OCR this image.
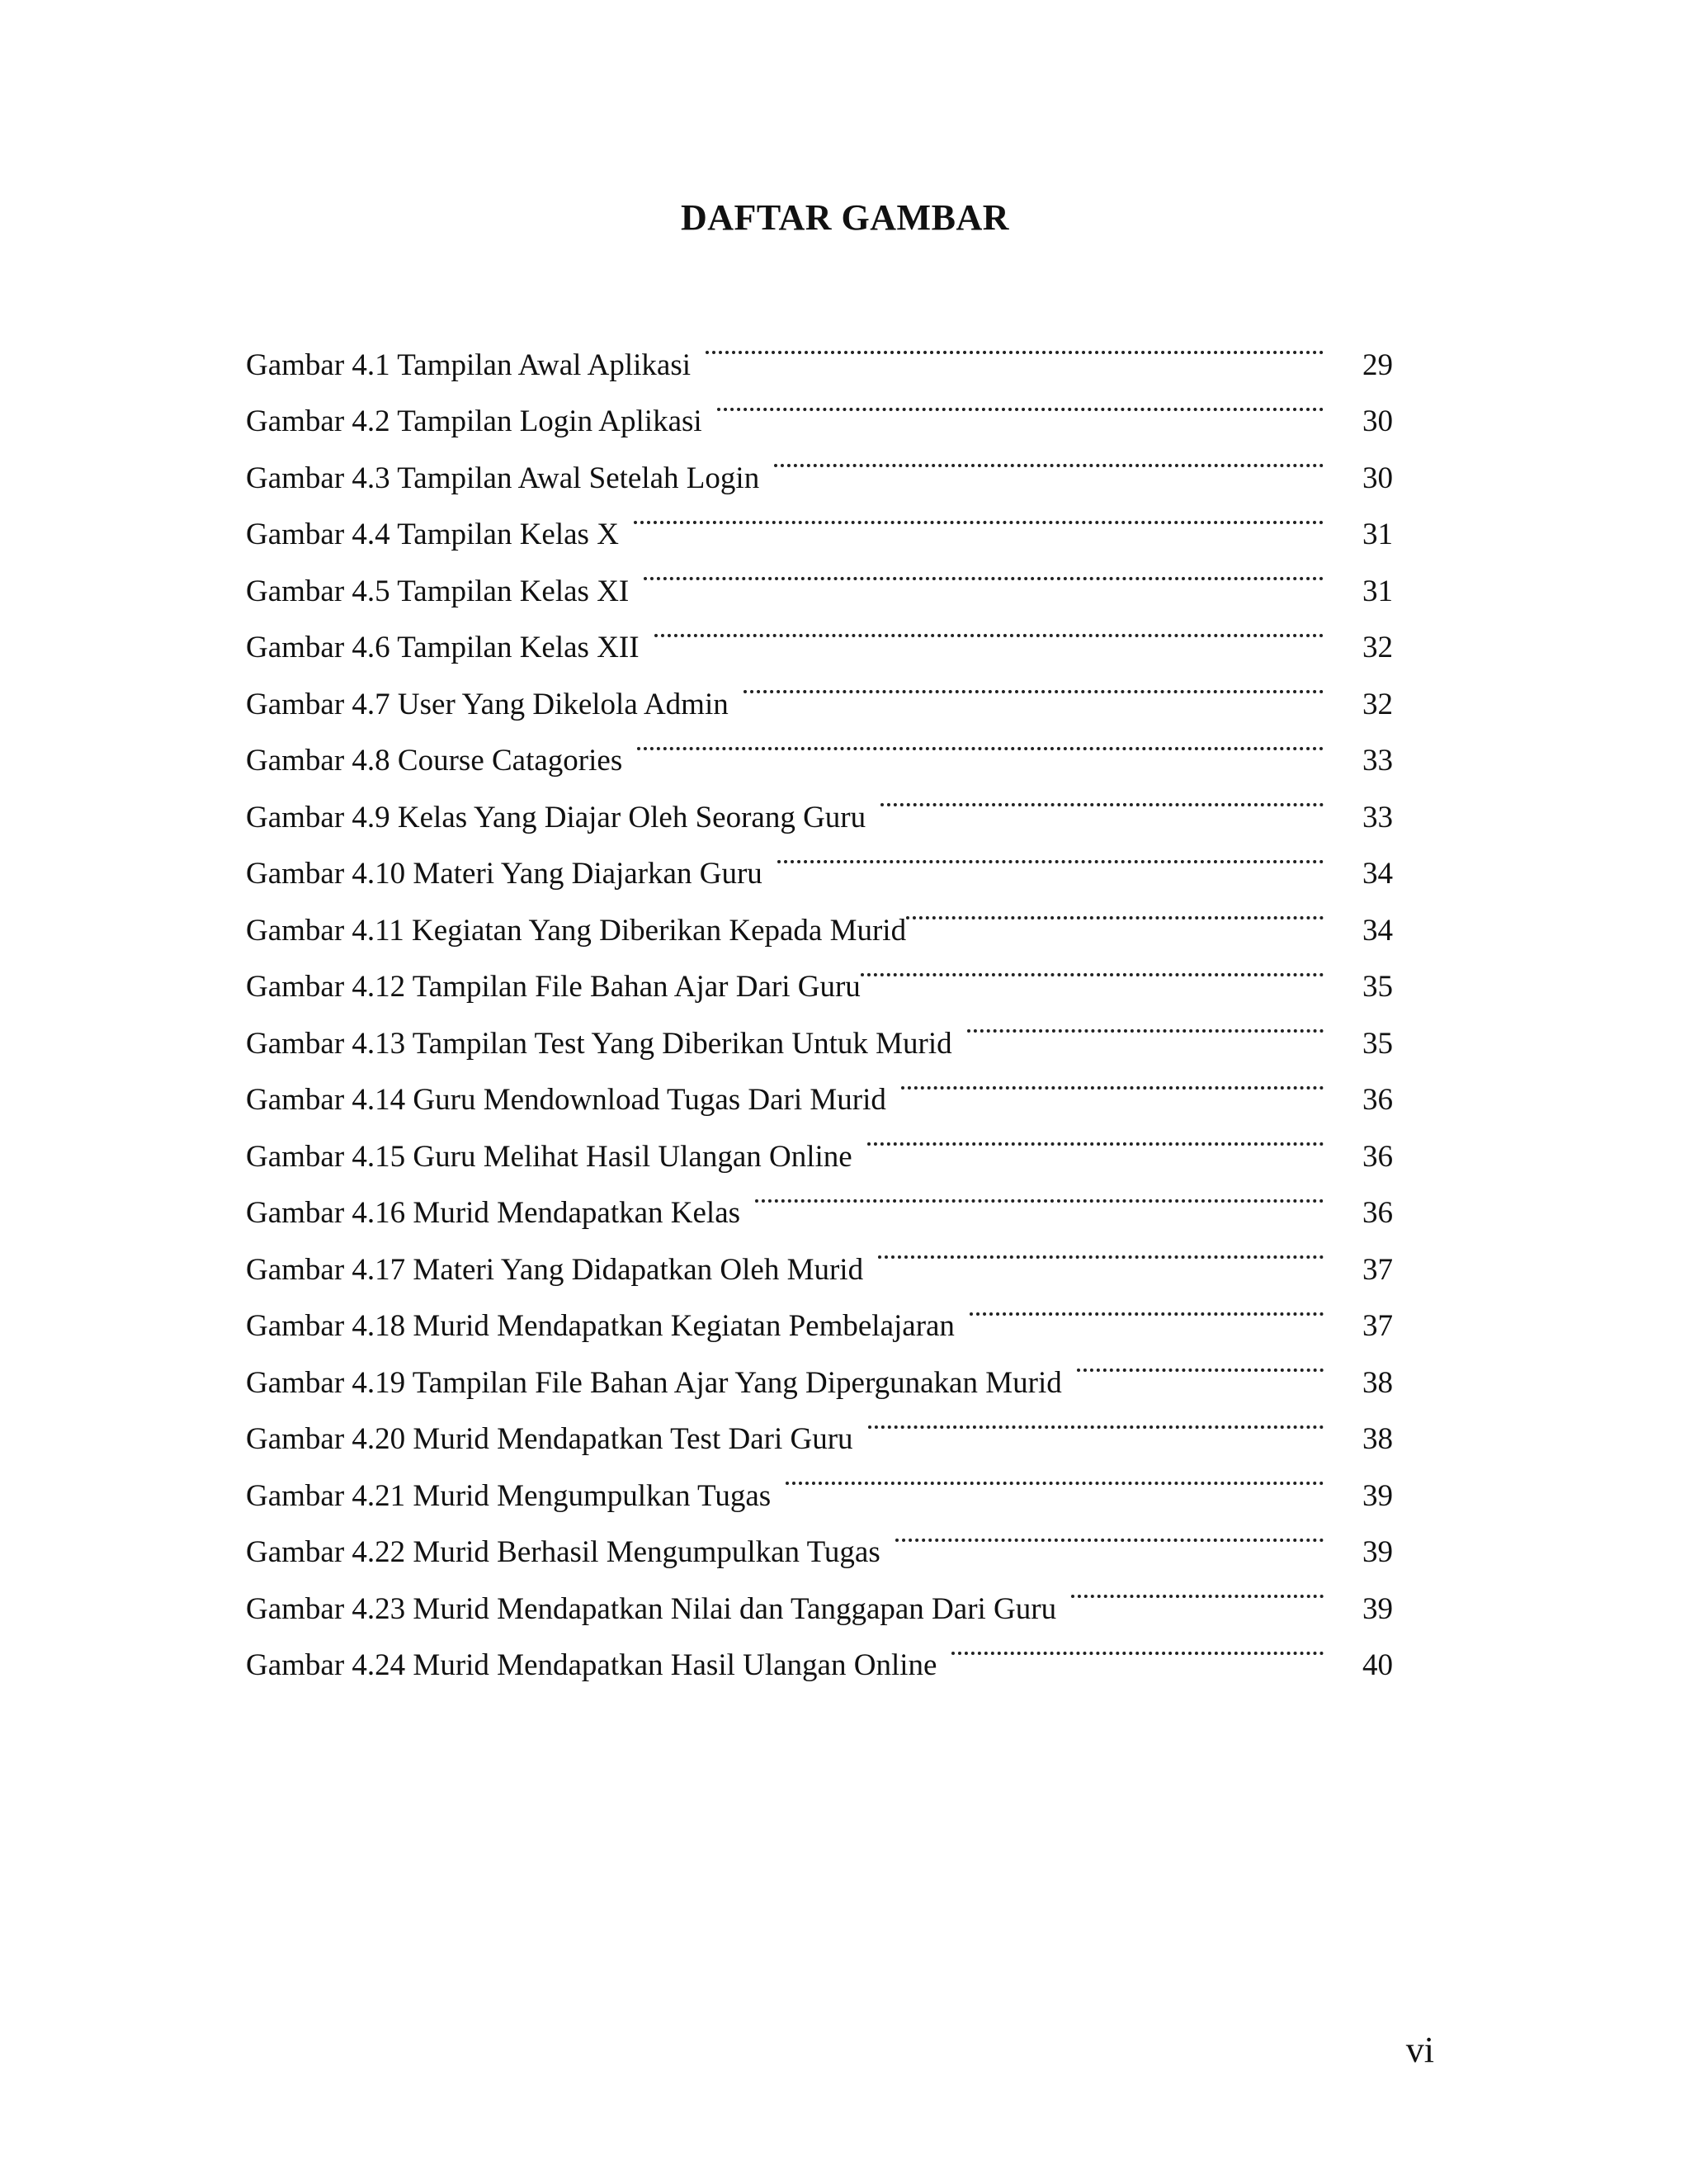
DAFTAR GAMBAR
Gambar 4.1 Tampilan Awal Aplikasi	29
Gambar 4.2 Tampilan Login Aplikasi	30
Gambar 4.3 Tampilan Awal Setelah Login	30
Gambar 4.4 Tampilan Kelas X	31
Gambar 4.5 Tampilan Kelas XI	31
Gambar 4.6 Tampilan Kelas XII	32
Gambar 4.7 User Yang Dikelola Admin	32
Gambar 4.8 Course Catagories	33
Gambar 4.9 Kelas Yang Diajar Oleh Seorang Guru	33
Gambar 4.10 Materi Yang Diajarkan Guru	34
Gambar 4.11 Kegiatan Yang Diberikan Kepada Murid	34
Gambar 4.12 Tampilan File Bahan Ajar Dari Guru	35
Gambar 4.13 Tampilan Test Yang Diberikan Untuk Murid	35
Gambar 4.14 Guru Mendownload Tugas Dari Murid	36
Gambar 4.15 Guru Melihat Hasil Ulangan Online	36
Gambar 4.16 Murid Mendapatkan Kelas	36
Gambar 4.17 Materi Yang Didapatkan Oleh Murid	37
Gambar 4.18 Murid Mendapatkan Kegiatan Pembelajaran	37
Gambar 4.19 Tampilan File Bahan Ajar Yang Dipergunakan Murid	38
Gambar 4.20 Murid Mendapatkan Test Dari Guru	38
Gambar 4.21 Murid Mengumpulkan Tugas	39
Gambar 4.22 Murid Berhasil Mengumpulkan Tugas	39
Gambar 4.23 Murid Mendapatkan Nilai dan Tanggapan Dari Guru	39
Gambar 4.24 Murid Mendapatkan Hasil Ulangan Online	40
vi
